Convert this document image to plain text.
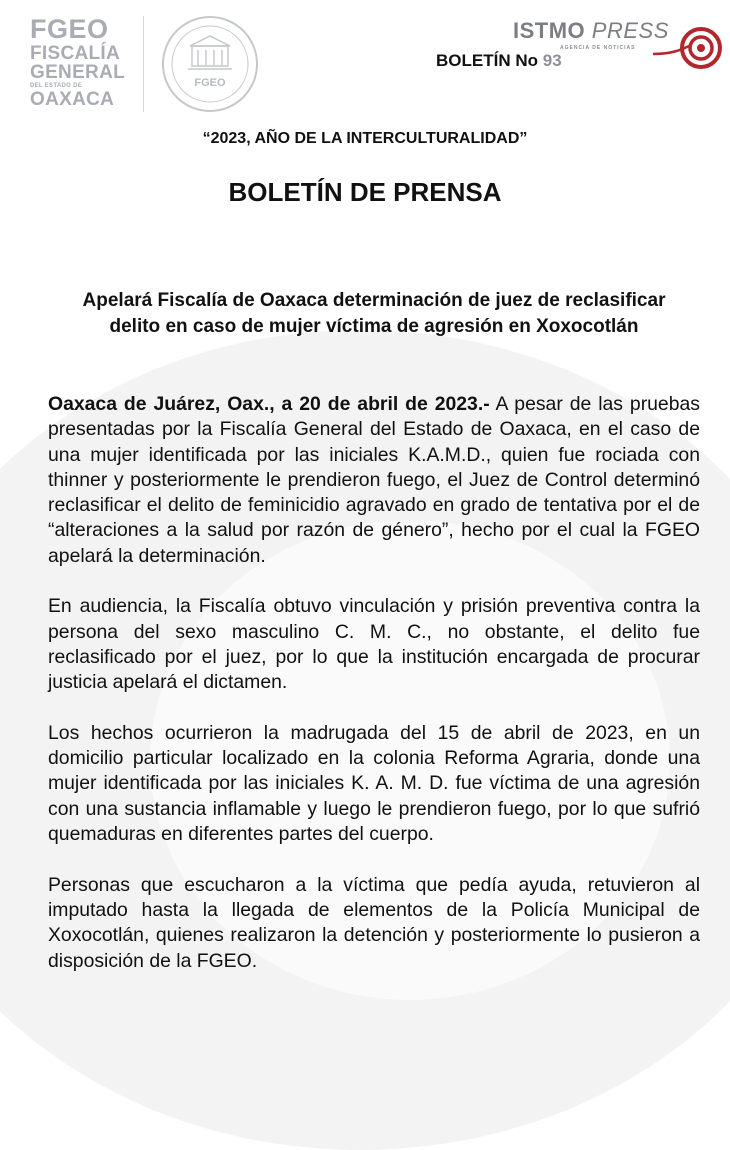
FGEO
FISCALÍA
GENERAL
DEL ESTADO DE
OAXACA
FGEO
ISTMO PRESS
AGENCIA DE NOTICIAS
BOLETÍN No 93
“2023, AÑO DE LA INTERCULTURALIDAD”
BOLETÍN DE PRENSA
Apelará Fiscalía de Oaxaca determinación de juez de reclasificar delito en caso de mujer víctima de agresión en Xoxocotlán

Oaxaca de Juárez, Oax., a 20 de abril de 2023.- A pesar de las pruebas presentadas por la Fiscalía General del Estado de Oaxaca, en el caso de una mujer identificada por las iniciales K.A.M.D., quien fue rociada con thinner y posteriormente le prendieron fuego, el Juez de Control determinó reclasificar el delito de feminicidio agravado en grado de tentativa por el de “alteraciones a la salud por razón de género”, hecho por el cual la FGEO apelará la determinación.

En audiencia, la Fiscalía obtuvo vinculación y prisión preventiva contra la persona del sexo masculino C. M. C., no obstante, el delito fue reclasificado por el juez, por lo que la institución encargada de procurar justicia apelará el dictamen.

Los hechos ocurrieron la madrugada del 15 de abril de 2023, en un domicilio particular localizado en la colonia Reforma Agraria, donde una mujer identificada por las iniciales K. A. M. D. fue víctima de una agresión con una sustancia inflamable y luego le prendieron fuego, por lo que sufrió quemaduras en diferentes partes del cuerpo.

Personas que escucharon a la víctima que pedía ayuda, retuvieron al imputado hasta la llegada de elementos de la Policía Municipal de Xoxocotlán, quienes realizaron la detención y posteriormente lo pusieron a disposición de la FGEO.
